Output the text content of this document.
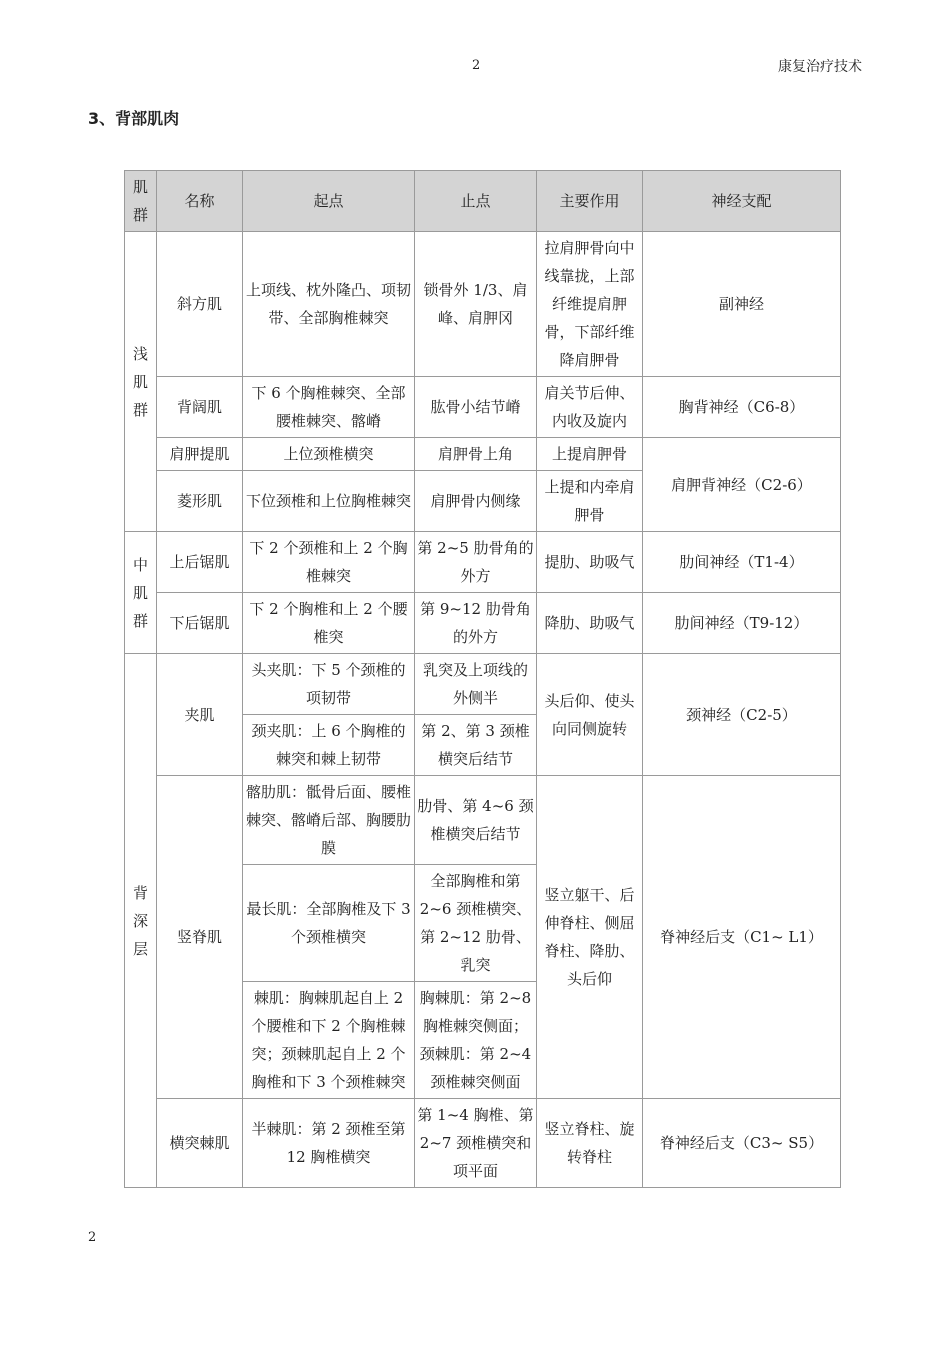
2	康复治疗技术
3、背部肌肉
肌群	名称	起点	止点	主要作用	神经支配
浅肌群	斜方肌	上项线、枕外隆凸、项韧带、全部胸椎棘突	锁骨外 1/3、肩峰、肩胛冈	拉肩胛骨向中线靠拢，上部纤维提肩胛骨，下部纤维降肩胛骨	副神经
	背阔肌	下 6 个胸椎棘突、全部腰椎棘突、髂嵴	肱骨小结节嵴	肩关节后伸、内收及旋内	胸背神经（C6-8）
	肩胛提肌	上位颈椎横突	肩胛骨上角	上提肩胛骨	肩胛背神经（C2-6）
	菱形肌	下位颈椎和上位胸椎棘突	肩胛骨内侧缘	上提和内牵肩胛骨	
中肌群	上后锯肌	下 2 个颈椎和上 2 个胸椎棘突	第 2~5 肋骨角的外方	提肋、助吸气	肋间神经（T1-4）
	下后锯肌	下 2 个胸椎和上 2 个腰椎突	第 9~12 肋骨角的外方	降肋、助吸气	肋间神经（T9-12）
背深层	夹肌	头夹肌：下 5 个颈椎的项韧带	乳突及上项线的外侧半	头后仰、使头向同侧旋转	颈神经（C2-5）
		颈夹肌：上 6 个胸椎的棘突和棘上韧带	第 2、第 3 颈椎横突后结节		
	竖脊肌	髂肋肌：骶骨后面、腰椎棘突、髂嵴后部、胸腰肋膜	肋骨、第 4~6 颈椎横突后结节	竖立躯干、后伸脊柱、侧屈脊柱、降肋、头后仰	脊神经后支（C1~ L1）
		最长肌：全部胸椎及下 3 个颈椎横突	全部胸椎和第 2~6 颈椎横突、第 2~12 肋骨、乳突		
		棘肌：胸棘肌起自上 2 个腰椎和下 2 个胸椎棘突；颈棘肌起自上 2 个胸椎和下 3 个颈椎棘突	胸棘肌：第 2~8 胸椎棘突侧面；颈棘肌：第 2~4 颈椎棘突侧面		
	横突棘肌	半棘肌：第 2 颈椎至第 12 胸椎横突	第 1~4 胸椎、第 2~7 颈椎横突和项平面	竖立脊柱、旋转脊柱	脊神经后支（C3~ S5）
2
